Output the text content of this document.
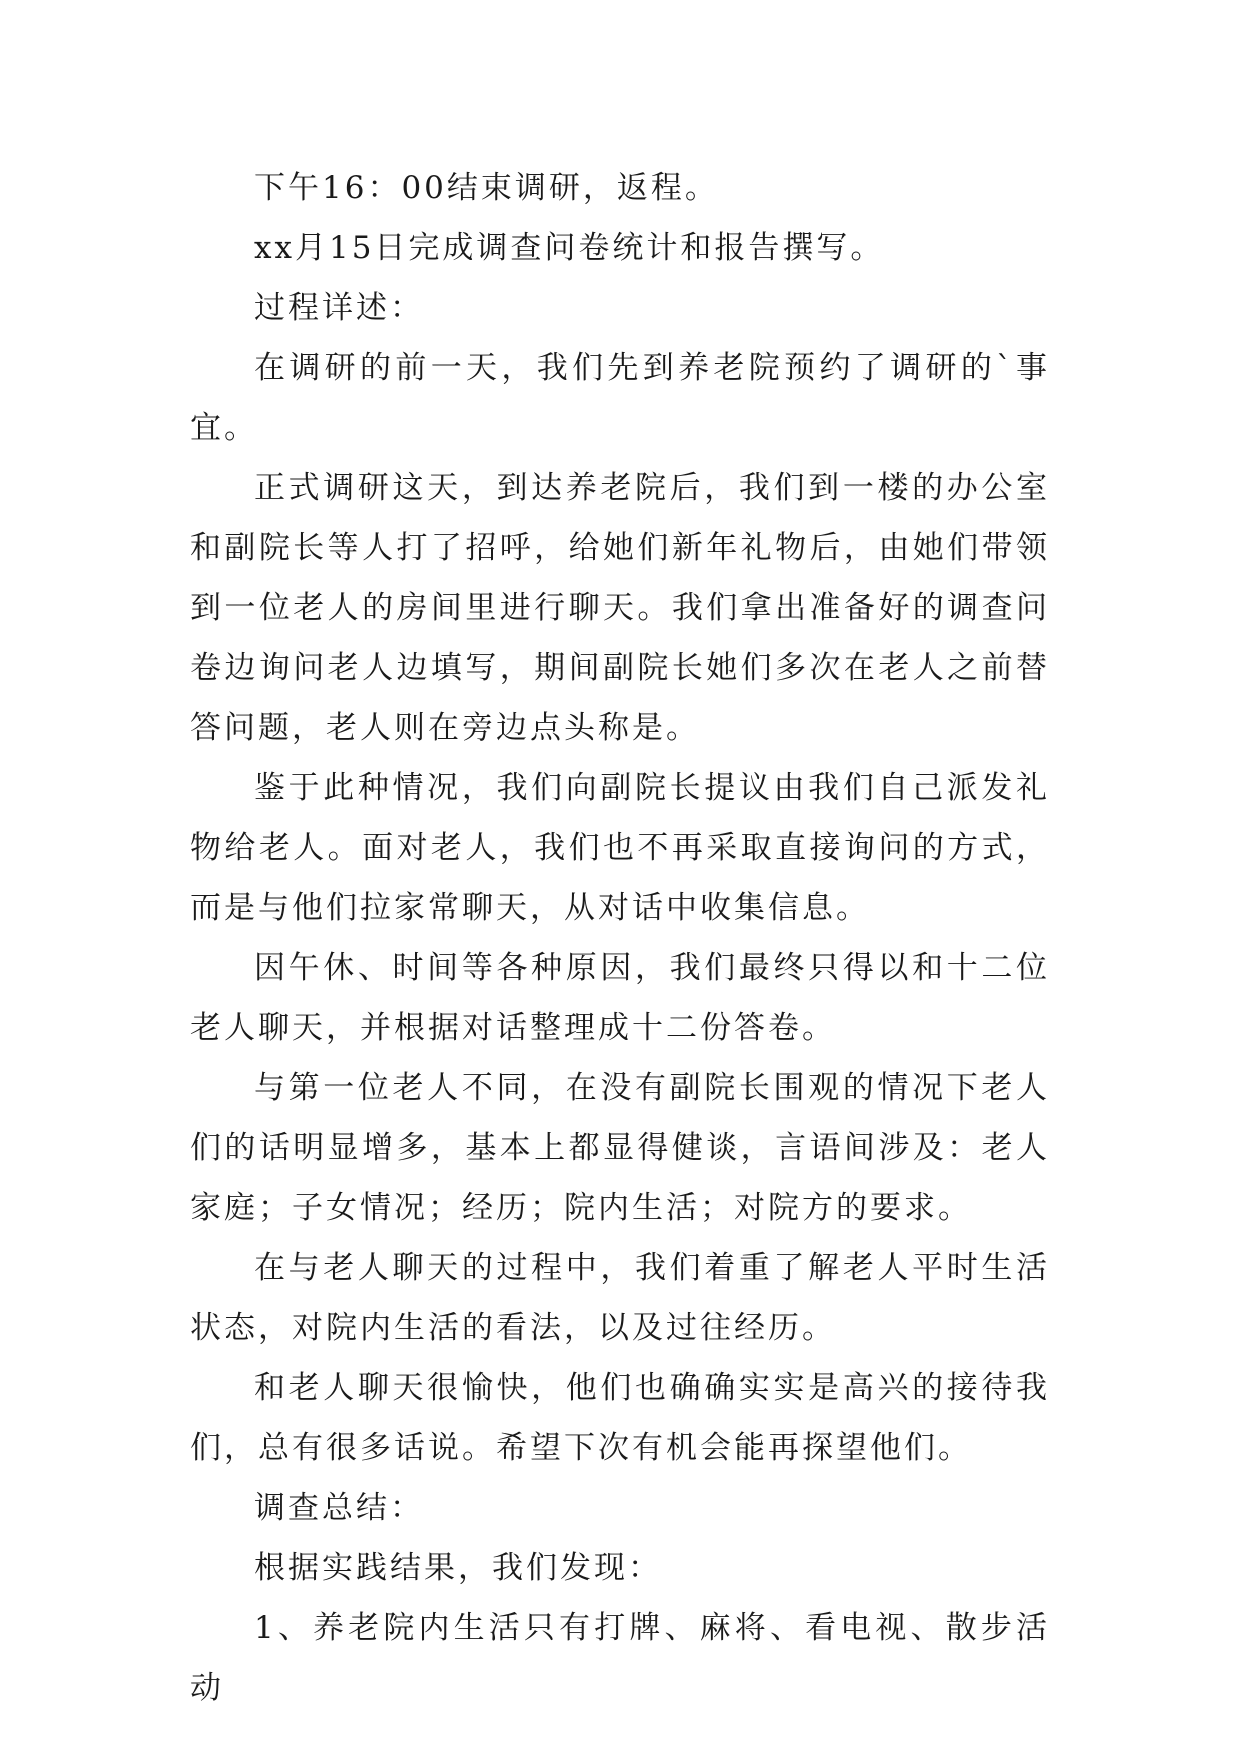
下午16：00结束调研，返程。

xx月15日完成调查问卷统计和报告撰写。

过程详述：

在调研的前一天，我们先到养老院预约了调研的`事宜。

正式调研这天，到达养老院后，我们到一楼的办公室和副院长等人打了招呼，给她们新年礼物后，由她们带领到一位老人的房间里进行聊天。我们拿出准备好的调查问卷边询问老人边填写，期间副院长她们多次在老人之前替答问题，老人则在旁边点头称是。

鉴于此种情况，我们向副院长提议由我们自己派发礼物给老人。面对老人，我们也不再采取直接询问的方式，而是与他们拉家常聊天，从对话中收集信息。

因午休、时间等各种原因，我们最终只得以和十二位老人聊天，并根据对话整理成十二份答卷。

与第一位老人不同，在没有副院长围观的情况下老人们的话明显增多，基本上都显得健谈，言语间涉及：老人家庭；子女情况；经历；院内生活；对院方的要求。

在与老人聊天的过程中，我们着重了解老人平时生活状态，对院内生活的看法，以及过往经历。

和老人聊天很愉快，他们也确确实实是高兴的接待我们，总有很多话说。希望下次有机会能再探望他们。

调查总结：

根据实践结果，我们发现：

1、养老院内生活只有打牌、麻将、看电视、散步活动
